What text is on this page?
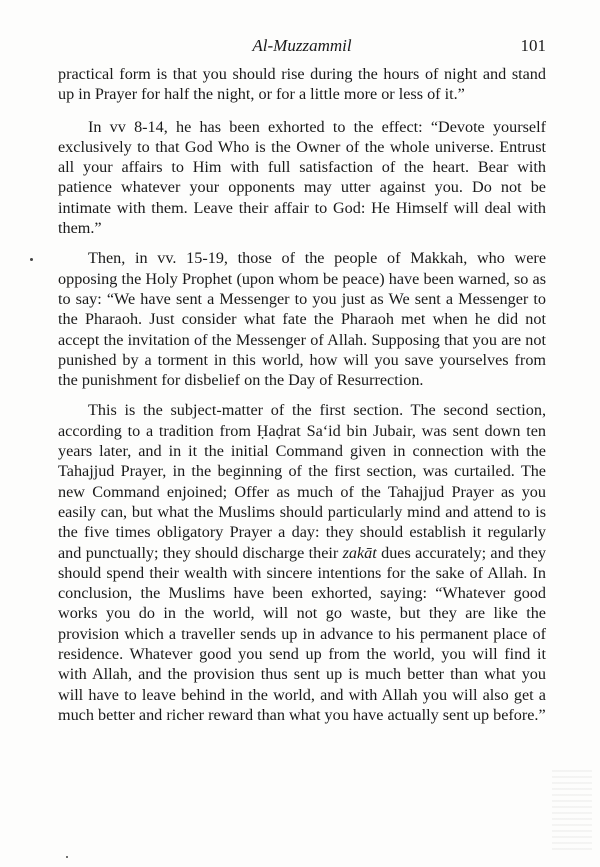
Al-Muzzammil	101

practical form is that you should rise during the hours of night and stand up in Prayer for half the night, or for a little more or less of it.”

In vv 8-14, he has been exhorted to the effect: “Devote yourself exclusively to that God Who is the Owner of the whole universe. Entrust all your affairs to Him with full satisfaction of the heart. Bear with patience whatever your opponents may utter against you. Do not be intimate with them. Leave their affair to God: He Himself will deal with them.”

Then, in vv. 15-19, those of the people of Makkah, who were opposing the Holy Prophet (upon whom be peace) have been warned, so as to say: “We have sent a Messenger to you just as We sent a Messenger to the Pharaoh. Just consider what fate the Pharaoh met when he did not accept the invitation of the Messenger of Allah. Supposing that you are not punished by a torment in this world, how will you save yourselves from the punishment for disbelief on the Day of Resurrection.

This is the subject-matter of the first section. The second section, according to a tradition from Ḥaḍrat Sa‘id bin Jubair, was sent down ten years later, and in it the initial Command given in connection with the Tahajjud Prayer, in the beginning of the first section, was curtailed. The new Command enjoined; Offer as much of the Tahajjud Prayer as you easily can, but what the Muslims should particularly mind and attend to is the five times obligatory Prayer a day: they should establish it regularly and punctually; they should discharge their zakāt dues accurately; and they should spend their wealth with sincere intentions for the sake of Allah. In conclusion, the Muslims have been exhorted, saying: “Whatever good works you do in the world, will not go waste, but they are like the provision which a traveller sends up in advance to his permanent place of residence. Whatever good you send up from the world, you will find it with Allah, and the provision thus sent up is much better than what you will have to leave behind in the world, and with Allah you will also get a much better and richer reward than what you have actually sent up before.”
